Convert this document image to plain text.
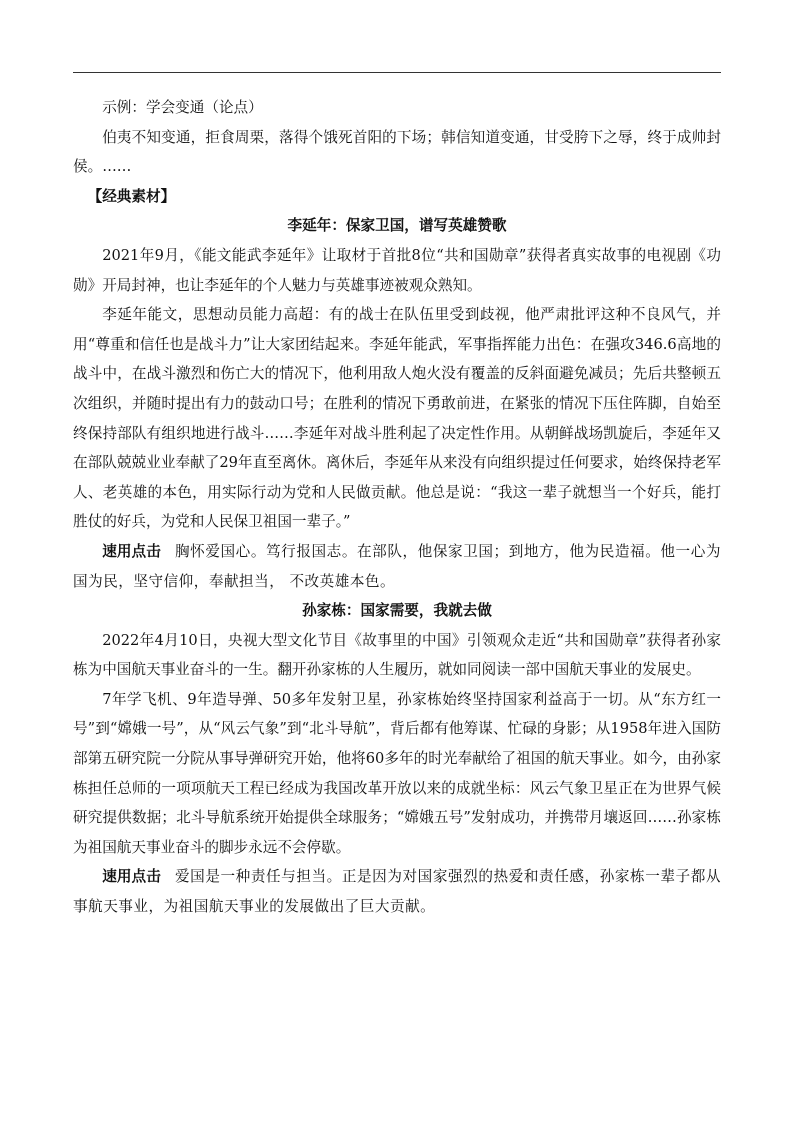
示例：学会变通（论点）

伯夷不知变通，拒食周栗，落得个饿死首阳的下场；韩信知道变通，甘受胯下之辱，终于成帅封侯。……

【经典素材】

李延年：保家卫国，谱写英雄赞歌

2021年9月，《能文能武李延年》让取材于首批8位“共和国勋章”获得者真实故事的电视剧《功勋》开局封神，也让李延年的个人魅力与英雄事迹被观众熟知。

李延年能文，思想动员能力高超：有的战士在队伍里受到歧视，他严肃批评这种不良风气，并用“尊重和信任也是战斗力”让大家团结起来。李延年能武，军事指挥能力出色：在强攻346.6高地的战斗中，在战斗激烈和伤亡大的情况下，他利用敌人炮火没有覆盖的反斜面避免减员；先后共整顿五次组织，并随时提出有力的鼓动口号；在胜利的情况下勇敢前进，在紧张的情况下压住阵脚，自始至终保持部队有组织地进行战斗……李延年对战斗胜利起了决定性作用。从朝鲜战场凯旋后，李延年又在部队兢兢业业奉献了29年直至离休。离休后，李延年从来没有向组织提过任何要求，始终保持老军人、老英雄的本色，用实际行动为党和人民做贡献。他总是说：“我这一辈子就想当一个好兵，能打胜仗的好兵，为党和人民保卫祖国一辈子。”

速用点击 胸怀爱国心。笃行报国志。在部队，他保家卫国；到地方，他为民造福。他一心为国为民，坚守信仰，奉献担当， 不改英雄本色。

孙家栋：国家需要，我就去做

2022年4月10日，央视大型文化节目《故事里的中国》引领观众走近“共和国勋章”获得者孙家栋为中国航天事业奋斗的一生。翻开孙家栋的人生履历，就如同阅读一部中国航天事业的发展史。

7年学飞机、9年造导弹、50多年发射卫星，孙家栋始终坚持国家利益高于一切。从“东方红一号”到“嫦娥一号”，从“风云气象”到“北斗导航”，背后都有他筹谋、忙碌的身影；从1958年进入国防部第五研究院一分院从事导弹研究开始，他将60多年的时光奉献给了祖国的航天事业。如今，由孙家栋担任总师的一项项航天工程已经成为我国改革开放以来的成就坐标：风云气象卫星正在为世界气候研究提供数据；北斗导航系统开始提供全球服务；“嫦娥五号”发射成功，并携带月壤返回……孙家栋为祖国航天事业奋斗的脚步永远不会停歇。

速用点击 爱国是一种责任与担当。正是因为对国家强烈的热爱和责任感，孙家栋一辈子都从事航天事业，为祖国航天事业的发展做出了巨大贡献。
